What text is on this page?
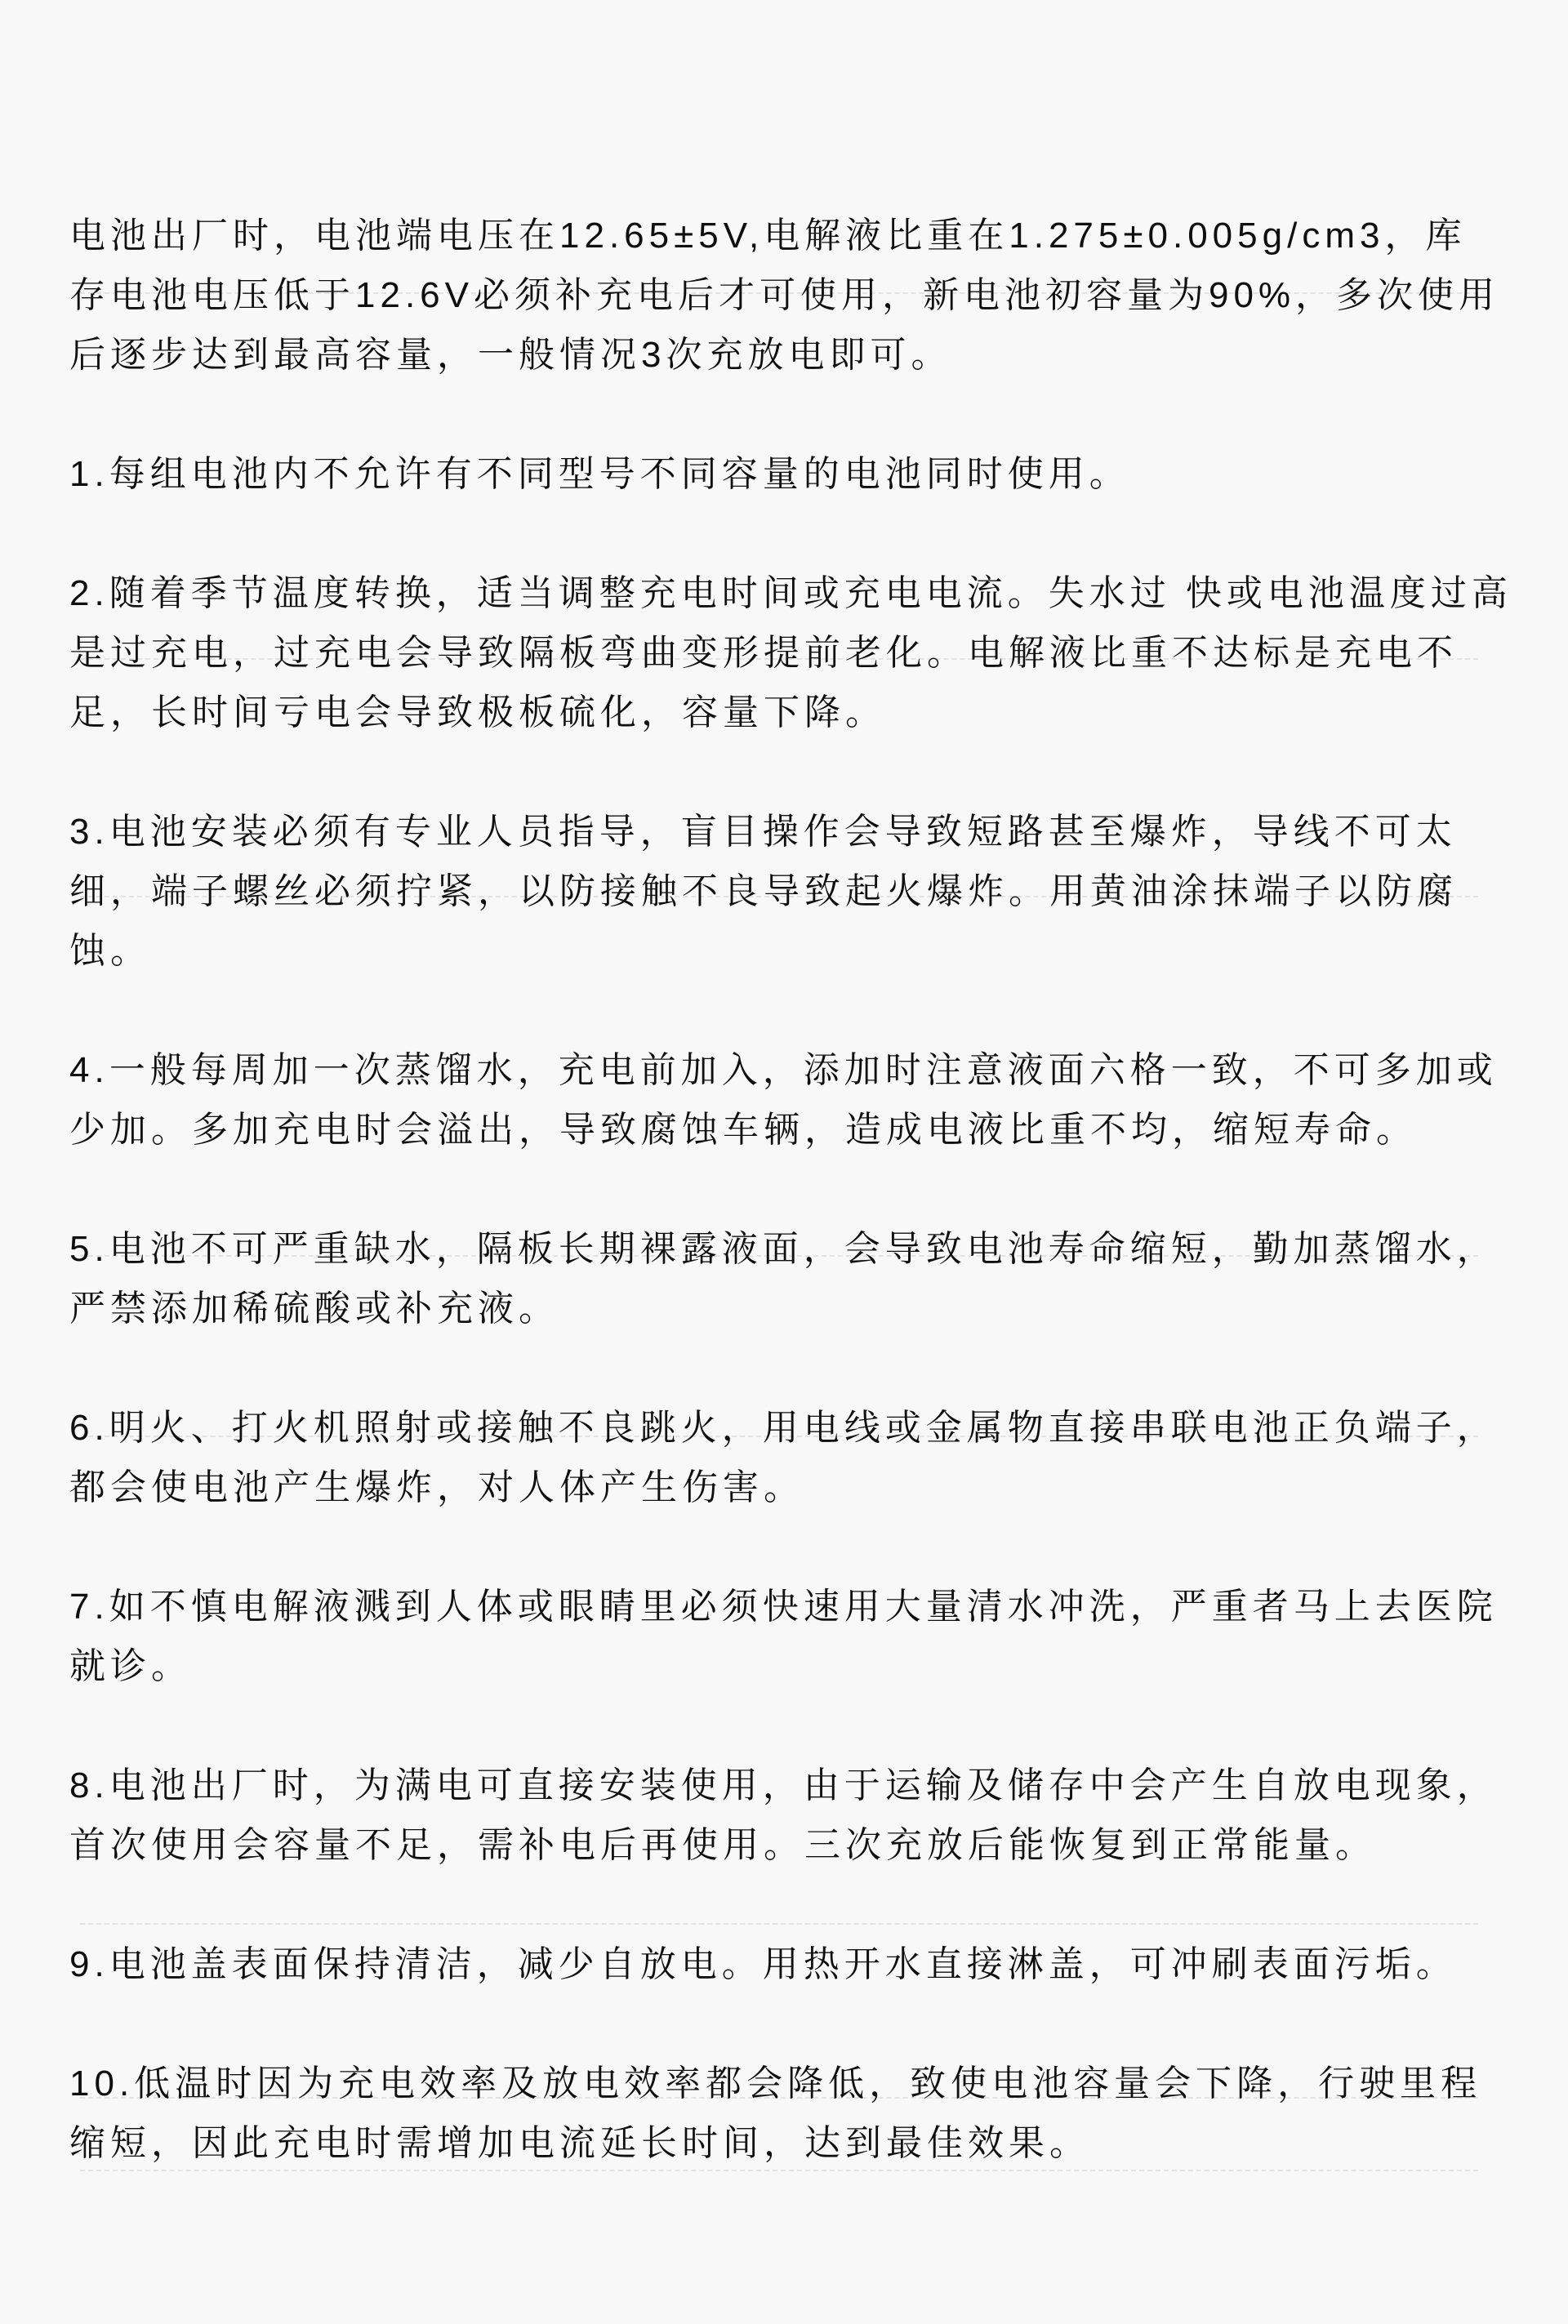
电池出厂时，电池端电压在12.65±5V,电解液比重在1.275±0.005g/cm3，库
存电池电压低于12.6V必须补充电后才可使用，新电池初容量为90%，多次使用
后逐步达到最高容量，一般情况3次充放电即可。
1.每组电池内不允许有不同型号不同容量的电池同时使用。
2.随着季节温度转换，适当调整充电时间或充电电流。失水过 快或电池温度过高
是过充电，过充电会导致隔板弯曲变形提前老化。电解液比重不达标是充电不
足，长时间亏电会导致极板硫化，容量下降。
3.电池安装必须有专业人员指导，盲目操作会导致短路甚至爆炸，导线不可太
细，端子螺丝必须拧紧，以防接触不良导致起火爆炸。用黄油涂抹端子以防腐
蚀。
4.一般每周加一次蒸馏水，充电前加入，添加时注意液面六格一致，不可多加或
少加。多加充电时会溢出，导致腐蚀车辆，造成电液比重不均，缩短寿命。
5.电池不可严重缺水，隔板长期裸露液面，会导致电池寿命缩短，勤加蒸馏水，
严禁添加稀硫酸或补充液。
6.明火、打火机照射或接触不良跳火，用电线或金属物直接串联电池正负端子，
都会使电池产生爆炸，对人体产生伤害。
7.如不慎电解液溅到人体或眼睛里必须快速用大量清水冲洗，严重者马上去医院
就诊。
8.电池出厂时，为满电可直接安装使用，由于运输及储存中会产生自放电现象，
首次使用会容量不足，需补电后再使用。三次充放后能恢复到正常能量。
9.电池盖表面保持清洁，减少自放电。用热开水直接淋盖，可冲刷表面污垢。
10.低温时因为充电效率及放电效率都会降低，致使电池容量会下降，行驶里程
缩短，因此充电时需增加电流延长时间，达到最佳效果。
